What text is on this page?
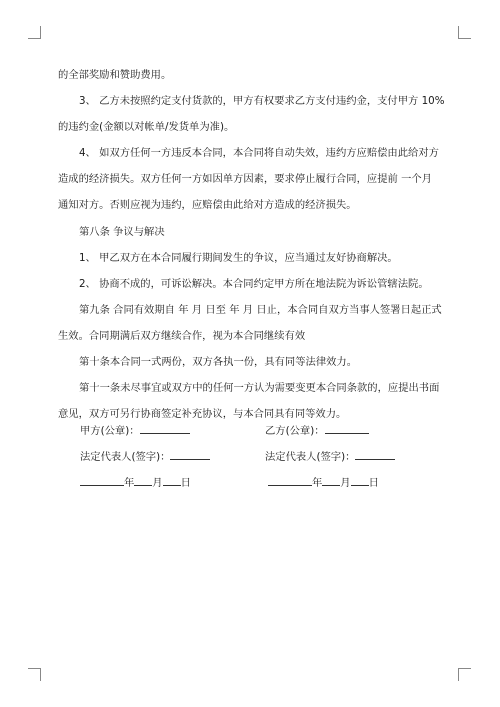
的全部奖励和赞助费用。

3、 乙方未按照约定支付货款的，甲方有权要求乙方支付违约金，支付甲方 10%

的违约金(金额以对帐单/发货单为准)。

4、 如双方任何一方违反本合同，本合同将自动失效，违约方应赔偿由此给对方

造成的经济损失。双方任何一方如因单方因素，要求停止履行合同，应提前 一个月

通知对方。否则应视为违约，应赔偿由此给对方造成的经济损失。

第八条 争议与解决

1、 甲乙双方在本合同履行期间发生的争议，应当通过友好协商解决。

2、 协商不成的，可诉讼解决。本合同约定甲方所在地法院为诉讼管辖法院。

第九条 合同有效期自 年 月 日至 年 月 日止，本合同自双方当事人签署日起正式

生效。合同期满后双方继续合作，视为本合同继续有效

第十条本合同一式两份，双方各执一份，具有同等法律效力。

第十一条未尽事宜或双方中的任何一方认为需要变更本合同条款的，应提出书面

意见，双方可另行协商签定补充协议，与本合同具有同等效力。

甲方(公章)：	乙方(公章)：
法定代表人(签字)：	法定代表人(签字)：
年 月 日	年 月 日
